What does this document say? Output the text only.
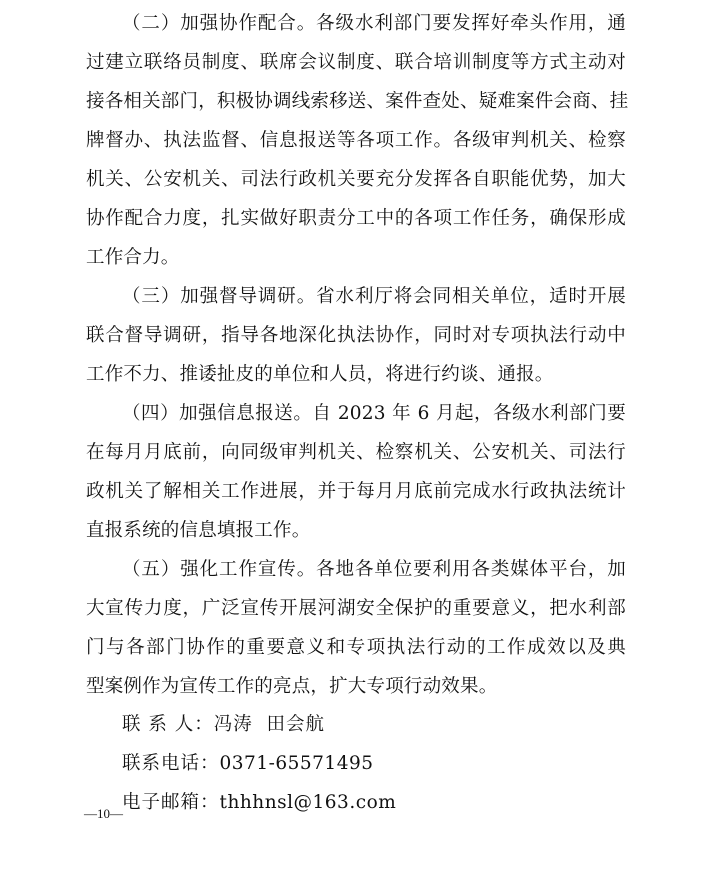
（二）加强协作配合。各级水利部门要发挥好牵头作用，通
过建立联络员制度、联席会议制度、联合培训制度等方式主动对
接各相关部门，积极协调线索移送、案件查处、疑难案件会商、挂
牌督办、执法监督、信息报送等各项工作。各级审判机关、检察
机关、公安机关、司法行政机关要充分发挥各自职能优势，加大
协作配合力度，扎实做好职责分工中的各项工作任务，确保形成
工作合力。
（三）加强督导调研。省水利厅将会同相关单位，适时开展
联合督导调研，指导各地深化执法协作，同时对专项执法行动中
工作不力、推诿扯皮的单位和人员，将进行约谈、通报。
（四）加强信息报送。自 2023 年 6 月起，各级水利部门要
在每月月底前，向同级审判机关、检察机关、公安机关、司法行
政机关了解相关工作进展，并于每月月底前完成水行政执法统计
直报系统的信息填报工作。
（五）强化工作宣传。各地各单位要利用各类媒体平台，加
大宣传力度，广泛宣传开展河湖安全保护的重要意义，把水利部
门与各部门协作的重要意义和专项执法行动的工作成效以及典
型案例作为宣传工作的亮点，扩大专项行动效果。
联 系 人：冯涛  田会航
联系电话：0371-65571495
电子邮箱：thhhnsl@163.com
—10—
